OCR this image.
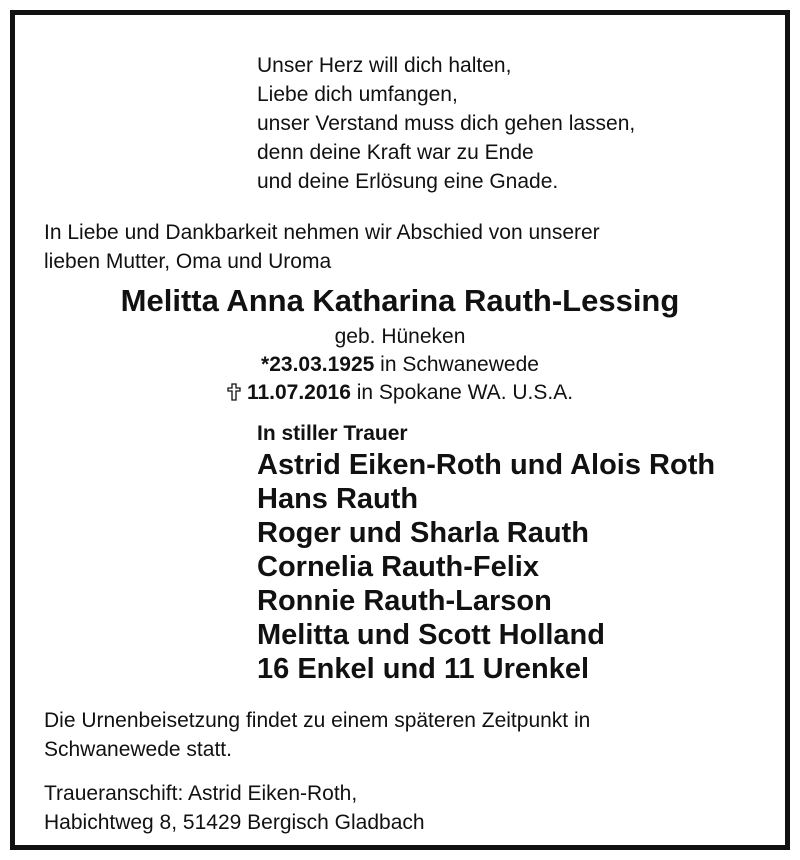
Unser Herz will dich halten,
Liebe dich umfangen,
unser Verstand muss dich gehen lassen,
denn deine Kraft war zu Ende
und deine Erlösung eine Gnade.
In Liebe und Dankbarkeit nehmen wir Abschied von unserer
lieben Mutter, Oma und Uroma
Melitta Anna Katharina Rauth-Lessing
geb. Hüneken
*23.03.1925 in Schwanewede
11.07.2016 in Spokane WA. U.S.A.
In stiller Trauer
Astrid Eiken-Roth und Alois Roth
Hans Rauth
Roger und Sharla Rauth
Cornelia Rauth-Felix
Ronnie Rauth-Larson
Melitta und Scott Holland
16 Enkel und 11 Urenkel
Die Urnenbeisetzung findet zu einem späteren Zeitpunkt in
Schwanewede statt.
Traueranschift: Astrid Eiken-Roth,
Habichtweg 8, 51429 Bergisch Gladbach
